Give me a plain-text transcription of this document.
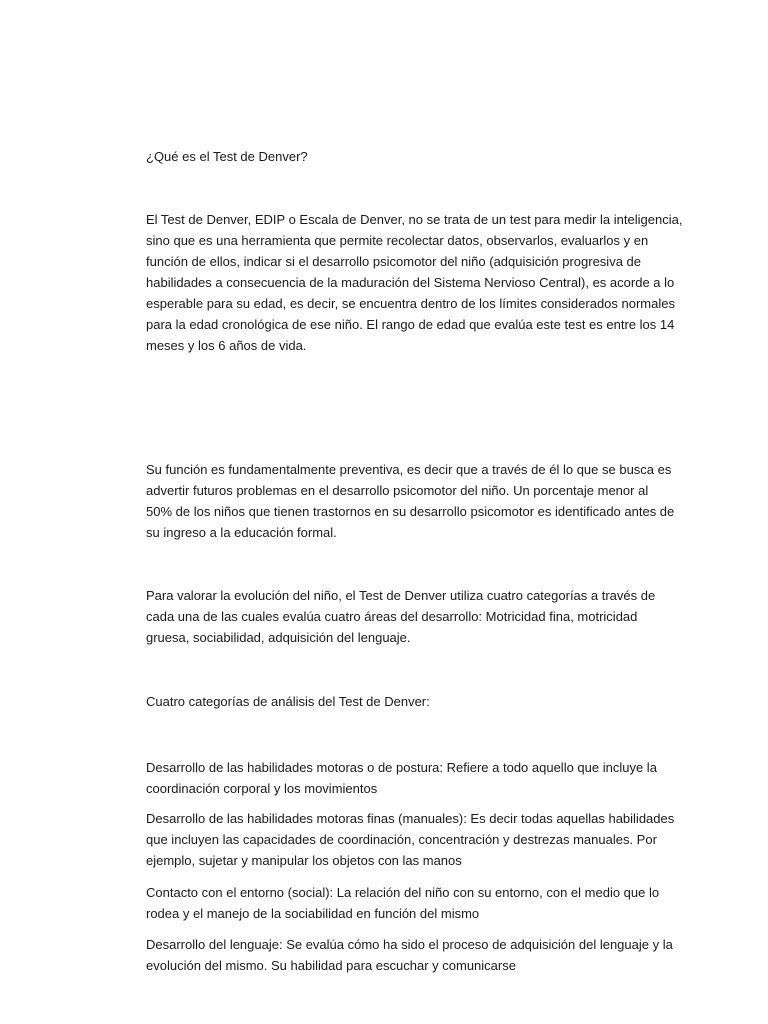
¿Qué es el Test de Denver?

El Test de Denver, EDIP o Escala de Denver, no se trata de un test para medir la inteligencia,
sino que es una herramienta que permite recolectar datos, observarlos, evaluarlos y en
función de ellos, indicar si el desarrollo psicomotor del niño (adquisición progresiva de
habilidades a consecuencia de la maduración del Sistema Nervioso Central), es acorde a lo
esperable para su edad, es decir, se encuentra dentro de los límites considerados normales
para la edad cronológica de ese niño. El rango de edad que evalúa este test es entre los 14
meses y los 6 años de vida.

Su función es fundamentalmente preventiva, es decir que a través de él lo que se busca es
advertir futuros problemas en el desarrollo psicomotor del niño. Un porcentaje menor al
50% de los niños que tienen trastornos en su desarrollo psicomotor es identificado antes de
su ingreso a la educación formal.

Para valorar la evolución del niño, el Test de Denver utiliza cuatro categorías a través de
cada una de las cuales evalúa cuatro áreas del desarrollo: Motricidad fina, motricidad
gruesa, sociabilidad, adquisición del lenguaje.

Cuatro categorías de análisis del Test de Denver:

Desarrollo de las habilidades motoras o de postura: Refiere a todo aquello que incluye la
coordinación corporal y los movimientos

Desarrollo de las habilidades motoras finas (manuales): Es decir todas aquellas habilidades
que incluyen las capacidades de coordinación, concentración y destrezas manuales. Por
ejemplo, sujetar y manipular los objetos con las manos

Contacto con el entorno (social): La relación del niño con su entorno, con el medio que lo
rodea y el manejo de la sociabilidad en función del mismo

Desarrollo del lenguaje: Se evalúa cómo ha sido el proceso de adquisición del lenguaje y la
evolución del mismo. Su habilidad para escuchar y comunicarse
